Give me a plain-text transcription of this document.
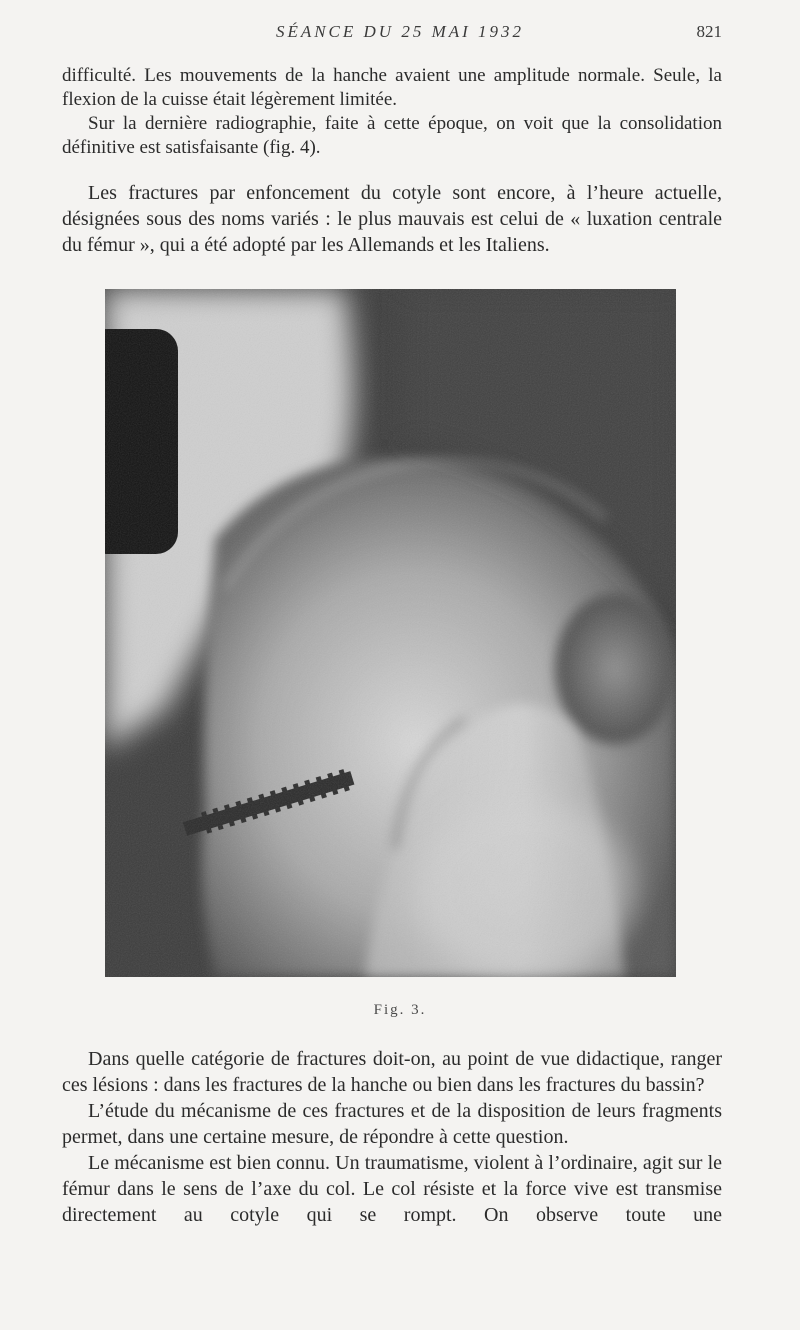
SÉANCE DU 25 MAI 1932	821

difficulté. Les mouvements de la hanche avaient une amplitude normale. Seule, la flexion de la cuisse était légèrement limitée.

Sur la dernière radiographie, faite à cette époque, on voit que la consolidation définitive est satisfaisante (fig. 4).

Les fractures par enfoncement du cotyle sont encore, à l’heure actuelle, désignées sous des noms variés : le plus mauvais est celui de « luxation centrale du fémur », qui a été adopté par les Allemands et les Italiens.

Fig. 3.

Dans quelle catégorie de fractures doit-on, au point de vue didactique, ranger ces lésions : dans les fractures de la hanche ou bien dans les fractures du bassin?

L’étude du mécanisme de ces fractures et de la disposition de leurs fragments permet, dans une certaine mesure, de répondre à cette question.

Le mécanisme est bien connu. Un traumatisme, violent à l’ordinaire, agit sur le fémur dans le sens de l’axe du col. Le col résiste et la force vive est transmise directement au cotyle qui se rompt. On observe toute une
